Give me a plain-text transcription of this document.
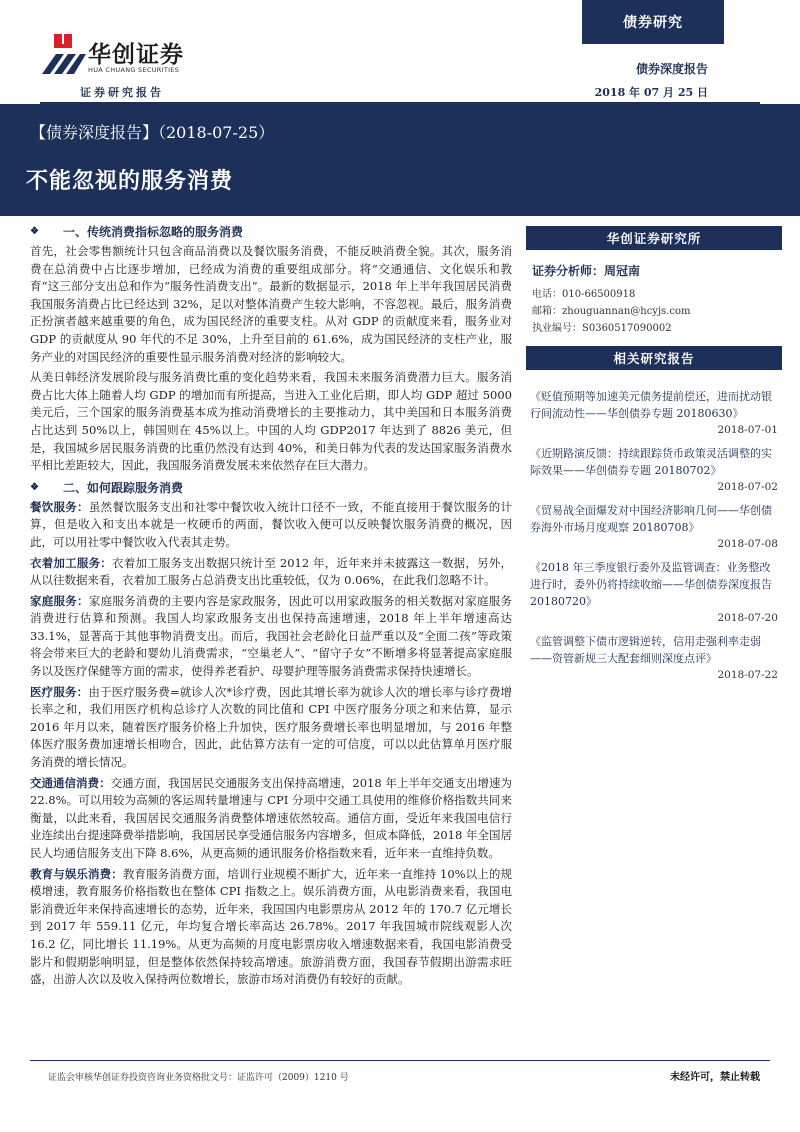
华创证券
HUA CHUANG SECURITIES
证券研究报告
债券研究
债券深度报告
2018 年 07 月 25 日
【债券深度报告】（2018-07-25）
不能忽视的服务消费
❖ 一、传统消费指标忽略的服务消费

首先，社会零售额统计只包含商品消费以及餐饮服务消费，不能反映消费全貌。其次，服务消费在总消费中占比逐步增加，已经成为消费的重要组成部分。将“交通通信、文化娱乐和教育”这三部分支出总和作为“服务性消费支出”。最新的数据显示，2018 年上半年我国居民消费我国服务消费占比已经达到 32%，足以对整体消费产生较大影响，不容忽视。最后，服务消费正扮演者越来越重要的角色，成为国民经济的重要支柱。从对 GDP 的贡献度来看，服务业对 GDP 的贡献度从 90 年代的不足 30%，上升至目前的 61.6%，成为国民经济的支柱产业，服务产业的对国民经济的重要性显示服务消费对经济的影响较大。

从美日韩经济发展阶段与服务消费比重的变化趋势来看，我国未来服务消费潜力巨大。服务消费占比大体上随着人均 GDP 的增加而有所提高，当进入工业化后期，即人均 GDP 超过 5000 美元后，三个国家的服务消费基本成为推动消费增长的主要推动力，其中美国和日本服务消费占比达到 50%以上，韩国则在 45%以上。中国的人均 GDP2017 年达到了 8826 美元，但是，我国城乡居民服务消费的比重仍然没有达到 40%，和美日韩为代表的发达国家服务消费水平相比差距较大，因此，我国服务消费发展未来依然存在巨大潜力。

❖ 二、如何跟踪服务消费

餐饮服务：虽然餐饮服务支出和社零中餐饮收入统计口径不一致，不能直接用于餐饮服务的计算，但是收入和支出本就是一枚硬币的两面，餐饮收入便可以反映餐饮服务消费的概况，因此，可以用社零中餐饮收入代表其走势。

衣着加工服务：衣着加工服务支出数据只统计至 2012 年，近年来并未披露这一数据，另外，从以往数据来看，衣着加工服务占总消费支出比重较低，仅为 0.06%，在此我们忽略不计。

家庭服务：家庭服务消费的主要内容是家政服务，因此可以用家政服务的相关数据对家庭服务消费进行估算和预测。我国人均家政服务支出也保持高速增速，2018 年上半年增速高达 33.1%，显著高于其他事物消费支出。而后，我国社会老龄化日益严重以及“全面二孩”等政策将会带来巨大的老龄和婴幼儿消费需求，“空巢老人”、“留守子女”不断增多将显著提高家庭服务以及医疗保健等方面的需求，使得养老看护、母婴护理等服务消费需求保持快速增长。

医疗服务：由于医疗服务费=就诊人次*诊疗费，因此其增长率为就诊人次的增长率与诊疗费增长率之和，我们用医疗机构总诊疗人次数的同比值和 CPI 中医疗服务分项之和来估算，显示 2016 年月以来，随着医疗服务价格上升加快，医疗服务费增长率也明显增加，与 2016 年整体医疗服务费加速增长相吻合，因此，此估算方法有一定的可信度，可以以此估算单月医疗服务消费的增长情况。

交通通信消费：交通方面，我国居民交通服务支出保持高增速，2018 年上半年交通支出增速为 22.8%。可以用较为高频的客运周转量增速与 CPI 分项中交通工具使用的维修价格指数共同来衡量，以此来看，我国居民交通服务消费整体增速依然较高。通信方面，受近年来我国电信行业连续出台提速降费举措影响，我国居民享受通信服务内容增多，但成本降低，2018 年全国居民人均通信服务支出下降 8.6%，从更高频的通讯服务价格指数来看，近年来一直维持负数。

教育与娱乐消费：教育服务消费方面，培训行业规模不断扩大，近年来一直维持 10%以上的规模增速，教育服务价格指数也在整体 CPI 指数之上。娱乐消费方面，从电影消费来看，我国电影消费近年来保持高速增长的态势，近年来，我国国内电影票房从 2012 年的 170.7 亿元增长到 2017 年 559.11 亿元，年均复合增长率高达 26.78%。2017 年我国城市院线观影人次 16.2 亿，同比增长 11.19%。从更为高频的月度电影票房收入增速数据来看，我国电影消费受影片和假期影响明显，但是整体依然保持较高增速。旅游消费方面，我国春节假期出游需求旺盛，出游人次以及收入保持两位数增长，旅游市场对消费仍有较好的贡献。

华创证券研究所
证券分析师：周冠南
电话：010-66500918
邮箱：zhouguannan@hcyjs.com
执业编号：S0360517090002
相关研究报告
《贬值预期等加速美元债务提前偿还，进而扰动银行间流动性——华创债券专题 20180630》
2018-07-01
《近期路演反馈：持续跟踪货币政策灵活调整的实际效果——华创债券专题 20180702》
2018-07-02
《贸易战全面爆发对中国经济影响几何——华创债券海外市场月度观察 20180708》
2018-07-08
《2018 年三季度银行委外及监管调查：业务整改进行时，委外仍将持续收缩——华创债券深度报告 20180720》
2018-07-20
《监管调整下债市逻辑逆转，信用走强利率走弱——资管新规三大配套细则深度点评》
2018-07-22
证监会审核华创证券投资咨询业务资格批文号：证监许可（2009）1210 号	未经许可，禁止转载
